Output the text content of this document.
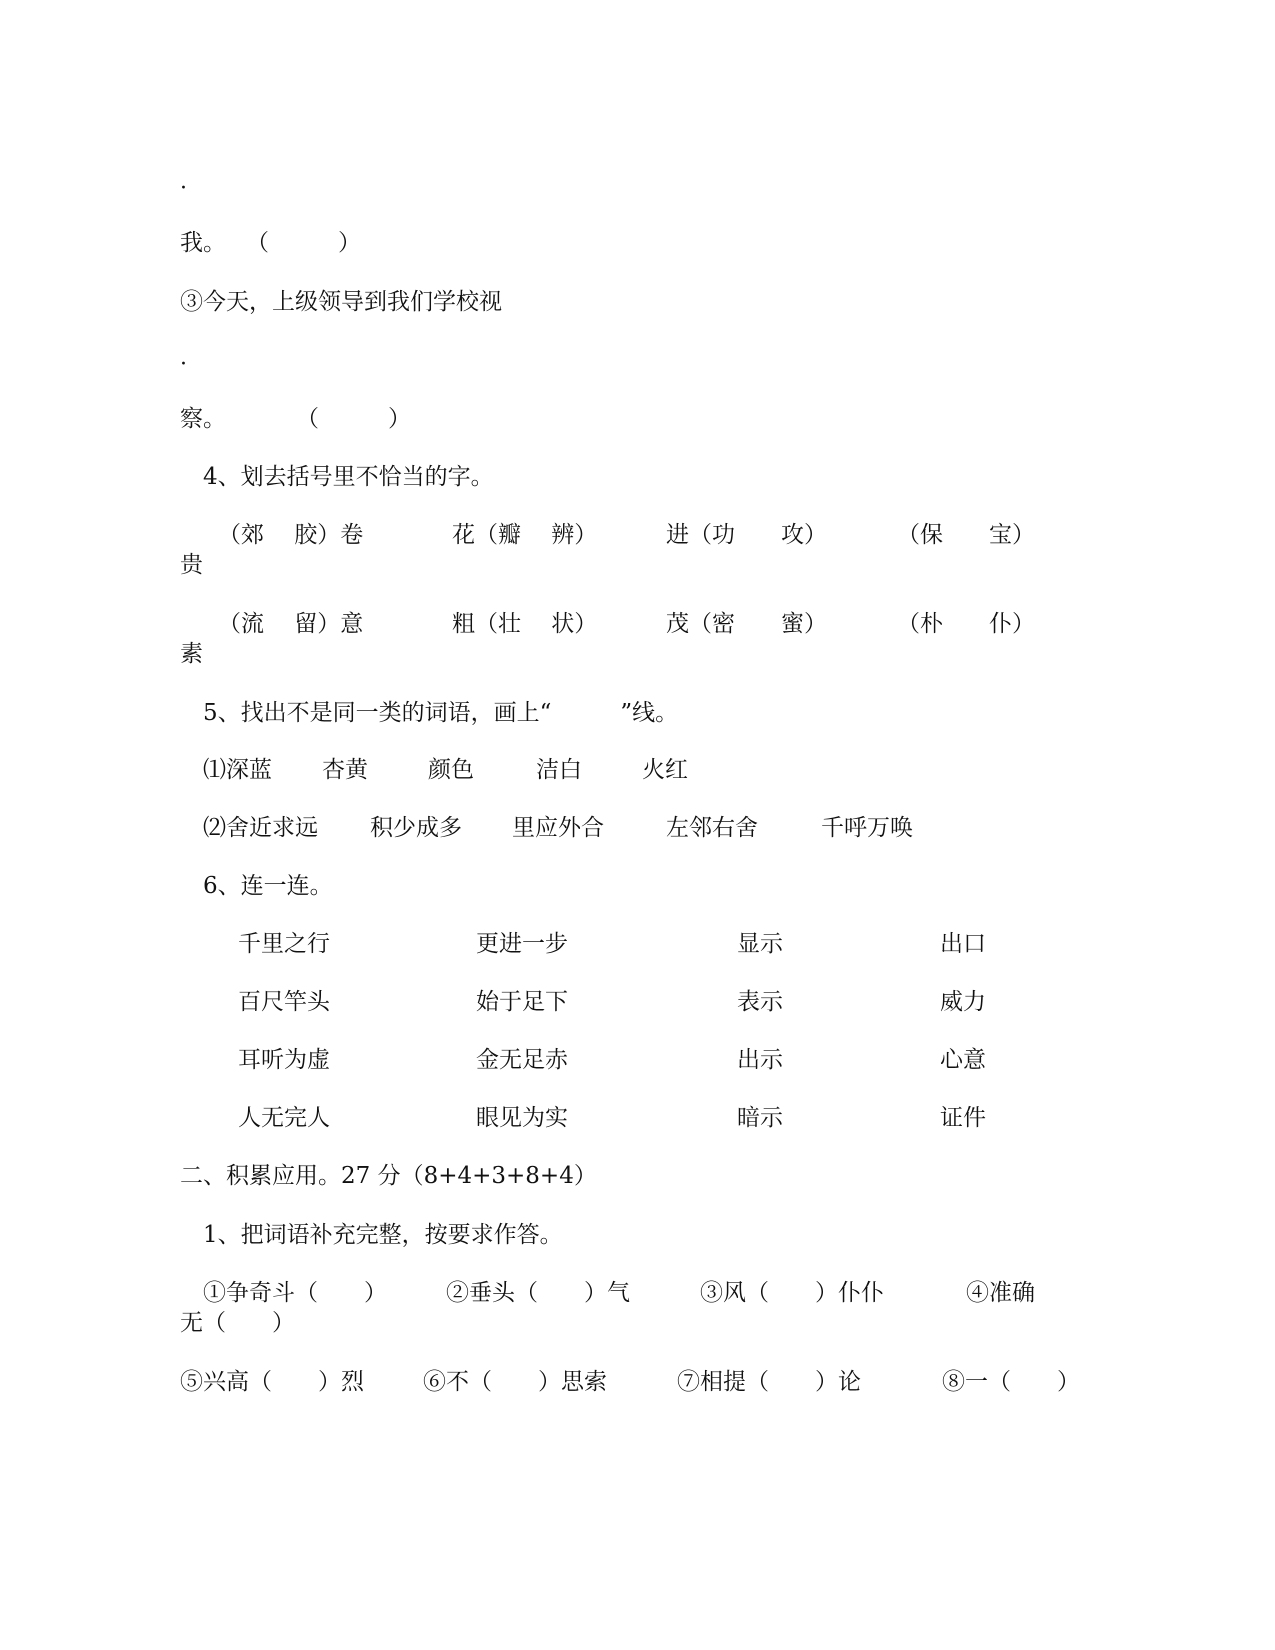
·
我。 （　　　）
③今天，上级领导到我们学校视
·
察。	（　　　）
4、划去括号里不恰当的字。
（郊　 胶）卷	花（瓣　 辨）	进（功　　攻）	（保　　宝）
贵
（流　 留）意	粗（壮　 状）	茂（密　　蜜）	（朴　　仆）
素
5、找出不是同一类的词语，画上“　　　”线。
⑴深蓝 杏黄	颜色	洁白	火红
⑵舍近求远 积少成多 里应外合	左邻右舍	千呼万唤
6、连一连。
千里之行	更进一步	显示	出口
百尺竿头	始于足下	表示	威力
耳听为虚	金无足赤	出示	心意
人无完人	眼见为实	暗示	证件
二、积累应用。27 分（8+4+3+8+4）
1、把词语补充完整，按要求作答。
①争奇斗（　　）	②垂头（　　）气	③风（　　）仆仆	④准确
无（　　）
⑤兴高（　　）烈	⑥不（　　）思索	⑦相提（　　）论	⑧一（　　）
